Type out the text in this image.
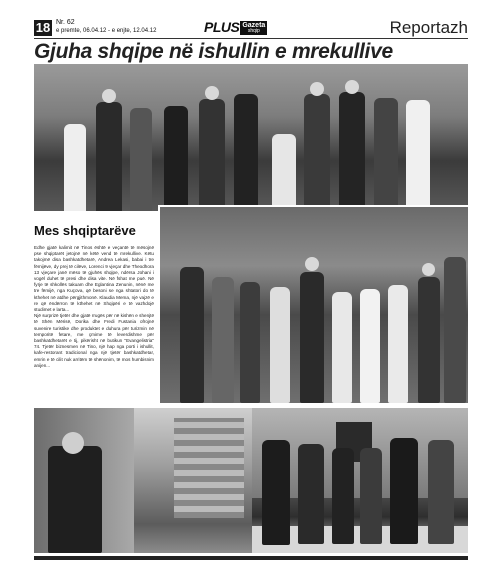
18 Nr. 62
e premte, 06.04.12 - e enjte, 12.04.12	PLUS Gazeta
shqip	Reportazh
Gjuha shqipe në ishullin e mrekullive
Mes shqiptarëve

Edhe gjatë kalimit në Tinos është e veçantë të mësojnë pse shqiptarët jetojnë në këtë vend të mrekullive. Këtu takojmë disa bashkatdhetarë, Andrea Lekasi, babai i tre fëmijëve, dy prej të cilëve, Lorenci 9 vjeçar dhe Theodhora 13 vjeçare janë mëso të gjuhës shqipe, ndërsa Johani i vogël duhet të presi dhe disa vite. Në fshat me puë. Në fyrje të shkollës takuam dhe Eglantina Zenunin, nënë me tre fëmijë, nga Kuçova, që besoni se nga shtatori do të kthehet në atdhe përgjithmonë. Klaudia Mema, një vajzë e re që ëndërron të kthehet në Shqipëri e të vazhdojë studimet e larta...

Një surprizë tjetër dhe gjatë rrugës për në kishën e shenjtë të Shën Mërisë, Dorika dhe Fredi Fustania ofrojnë suvenire turistike dhe produktet e duhura për turizmin në temporitë fetare, me çmime të leverdishme për bashkatdhetarët e tij, pikërisht në butikun "Evangelistria" 74. Tjetër biznesmen në Tino, një hap nga porti i ishullit, kafe-restorant tradicional nga një tjetër bashkatdhetar, emrin e të cilit nuk arritëm të shënonim, të mos humbisnim anijen...
